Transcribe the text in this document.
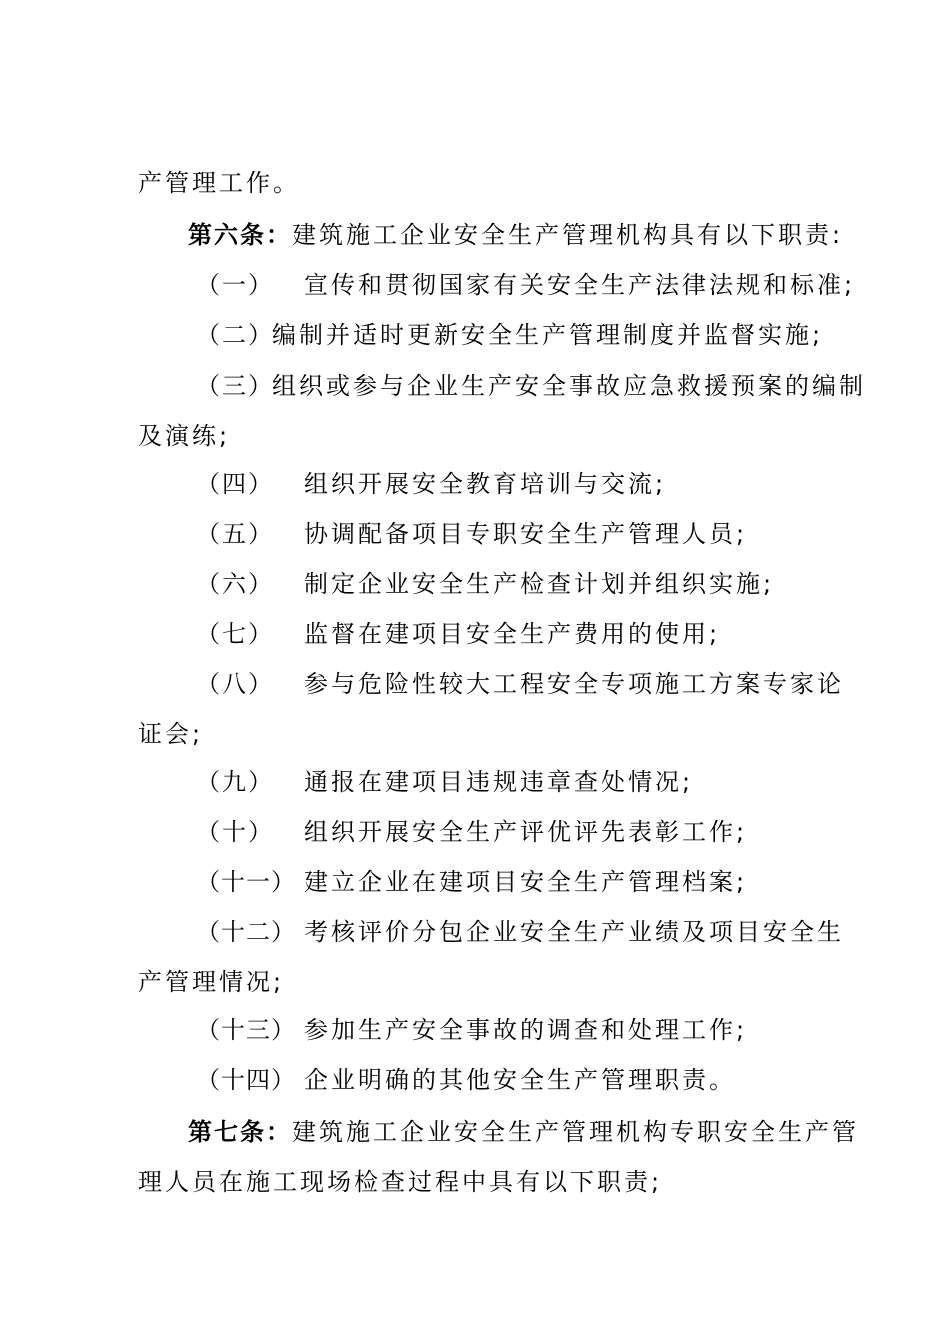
产管理工作。
第六条：建筑施工企业安全生产管理机构具有以下职责:
（一） 宣传和贯彻国家有关安全生产法律法规和标准;
（二）编制并适时更新安全生产管理制度并监督实施;
（三）组织或参与企业生产安全事故应急救援预案的编制
及演练;
（四） 组织开展安全教育培训与交流;
（五） 协调配备项目专职安全生产管理人员;
（六） 制定企业安全生产检查计划并组织实施;
（七） 监督在建项目安全生产费用的使用;
（八） 参与危险性较大工程安全专项施工方案专家论
证会;
（九） 通报在建项目违规违章查处情况;
（十） 组织开展安全生产评优评先表彰工作;
（十一） 建立企业在建项目安全生产管理档案;
（十二） 考核评价分包企业安全生产业绩及项目安全生
产管理情况;
（十三） 参加生产安全事故的调查和处理工作;
（十四） 企业明确的其他安全生产管理职责。
第七条：建筑施工企业安全生产管理机构专职安全生产管
理人员在施工现场检查过程中具有以下职责;
